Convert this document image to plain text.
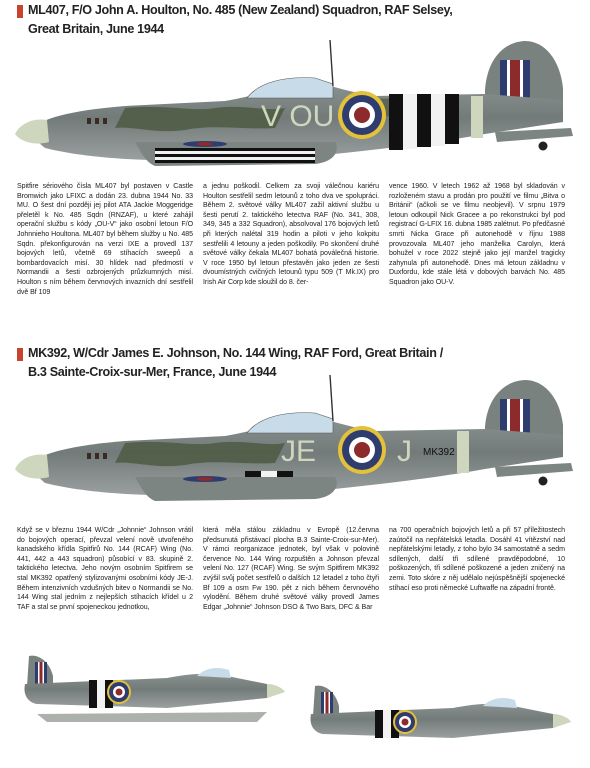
ML407, F/O John A. Houlton, No. 485 (New Zealand) Squadron, RAF Selsey,
Great Britain, June 1944
V OU
Spitfire sériového čísla ML407 byl postaven v Castle Bromwich jako LFIXC a dodán 23. dubna 1944 No. 33 MU. O šest dní později jej pilot ATA Jackie Moggeridge přeletěl k No. 485 Sqdn (RNZAF), u které zahájil operační službu s kódy „OU-V“ jako osobní letoun F/O Johnnieho Houltona. ML407 byl během služby u No. 485 Sqdn. překonfigurován na verzi IXE a provedl 137 bojových letů, včetně 69 stíhacích sweepů a bombardovacích misí. 30 hlídek nad předmostí v Normandii a šesti ozbrojených průzkumných misí. Houlton s ním během červnových invazních dní sestřelil dvě Bf 109
a jednu poškodil. Celkem za svoji válečnou kariéru Houlton sestřelil sedm letounů z toho dva ve spolupráci. Během 2. světové války ML407 zažil aktivní službu u šesti perutí 2. taktického letectva RAF (No. 341, 308, 349, 345 a 332 Squadron), absolvoval 176 bojových letů při kterých nalétal 319 hodin a piloti v jeho kokpitu sestřelili 4 letouny a jeden poškodily. Po skončení druhé světové války čekala ML407 bohatá poválečná historie. V roce 1950 byl letoun přestavěn jako jeden ze šesti dvoumístných cvičných letounů typu 509 (T Mk.IX) pro Irish Air Corp kde sloužil do 8. čer-
vence 1960. V letech 1962 až 1968 byl skladován v rozloženém stavu a prodán pro použití ve filmu „Bitva o Británii“ (ačkoli se ve filmu neobjevil). V srpnu 1979 letoun odkoupil Nick Gracee a po rekonstrukci byl pod registrací G-LFIX 16. dubna 1985 zalétnut. Po předčasné smrti Nicka Grace při autonehodě v říjnu 1988 provozovala ML407 jeho manželka Carolyn, která bohužel v roce 2022 stejně jako její manžel tragicky zahynula při autonehodě. Dnes má letoun základnu v Duxfordu, kde stále létá v dobových barvách No. 485 Squadron jako OU-V.
MK392, W/Cdr James E. Johnson, No. 144 Wing, RAF Ford, Great Britain /
B.3 Sainte-Croix-sur-Mer, France, June 1944
JE	J MK392
Když se v březnu 1944 W/Cdr „Johnnie“ Johnson vrátil do bojových operací, převzal velení nově utvořeného kanadského křídla Spitfirů No. 144 (RCAF) Wing (No. 441, 442 a 443 squadron) působící v 83. skupině 2. taktického letectva. Jeho novým osobním Spitfirem se stal MK392 opatřený stylizovanými osobními kódy JE-J. Během intenzivních vzdušných bitev o Normandii se No. 144 Wing stal jedním z nejlepších stíhacích křídel u 2 TAF a stal se první spojeneckou jednotkou,
která měla stálou základnu v Evropě (12.června předsunutá přistávací plocha B.3 Sainte-Croix-sur-Mer). V rámci reorganizace jednotek, byl však v polovině července No. 144 Wing rozpuštěn a Johnson převzal velení No. 127 (RCAF) Wing. Se svým Spitfirem MK392 zvýšil svůj počet sestřelů o dalších 12 letadel z toho čtyři Bf 109 a osm Fw 190. pět z nich během červnového vylodění. Během druhé světové války provedl James Edgar „Johnnie“ Johnson DSO & Two Bars, DFC & Bar
na 700 operačních bojových letů a při 57 příležitostech zaútočil na nepřátelská letadla. Dosáhl 41 vítězství nad nepřátelskými letadly, z toho bylo 34 samostatně a sedm sdílených, další tři sdílené pravděpodobné, 10 poškozených, tři sdílené poškozené a jeden zničený na zemi. Toto skóre z něj udělalo nejúspěšnější spojenecké stíhací eso proti německé Luftwaffe na západní frontě.
